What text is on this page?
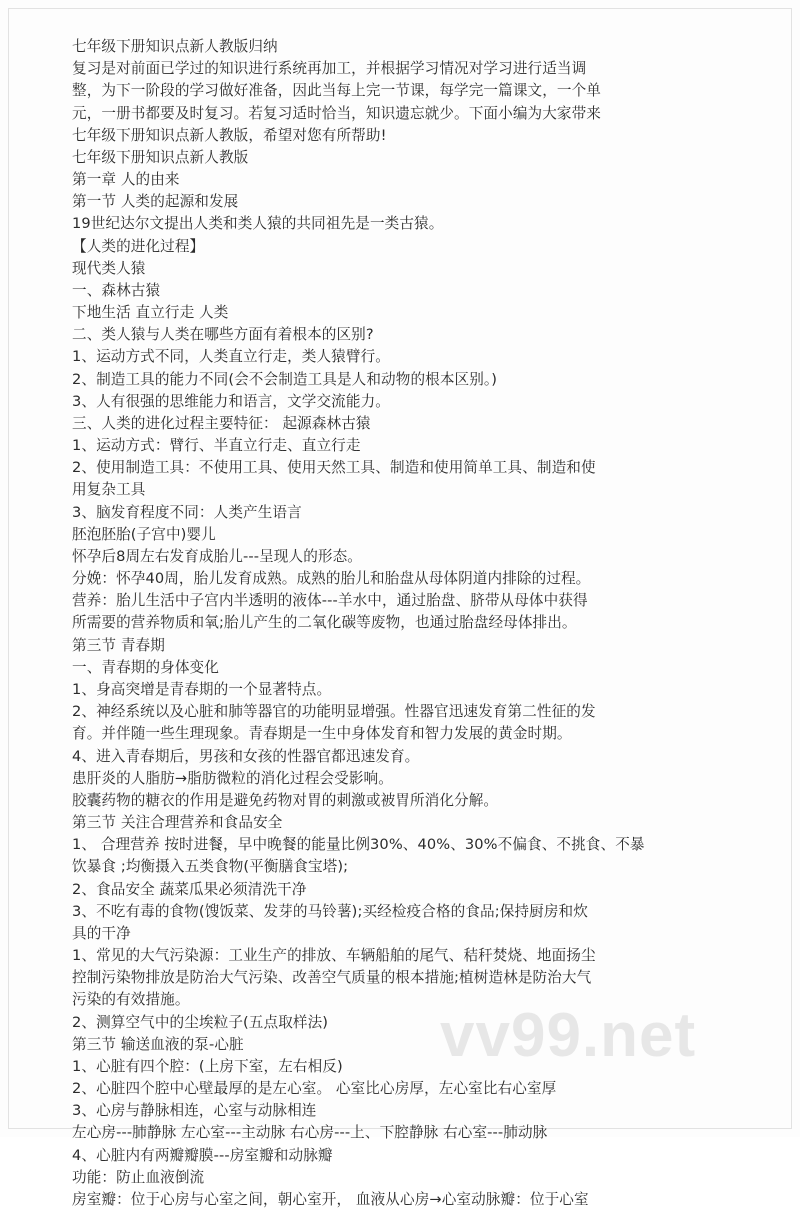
七年级下册知识点新人教版归纳

复习是对前面已学过的知识进行系统再加工，并根据学习情况对学习进行适当调

整，为下一阶段的学习做好准备，因此当每上完一节课，每学完一篇课文，一个单

元，一册书都要及时复习。若复习适时恰当，知识遗忘就少。下面小编为大家带来

七年级下册知识点新人教版，希望对您有所帮助!

七年级下册知识点新人教版

第一章 人的由来

第一节 人类的起源和发展

19世纪达尔文提出人类和类人猿的共同祖先是一类古猿。

【人类的进化过程】

现代类人猿

一、森林古猿

下地生活 直立行走 人类

二、类人猿与人类在哪些方面有着根本的区别?

1、运动方式不同，人类直立行走，类人猿臂行。

2、制造工具的能力不同(会不会制造工具是人和动物的根本区别。)

3、人有很强的思维能力和语言，文学交流能力。

三、人类的进化过程主要特征： 起源森林古猿

1、运动方式：臂行、半直立行走、直立行走

2、使用制造工具：不使用工具、使用天然工具、制造和使用简单工具、制造和使

用复杂工具

3、脑发育程度不同：人类产生语言

胚泡胚胎(子宫中)婴儿

怀孕后8周左右发育成胎儿---呈现人的形态。

分娩：怀孕40周，胎儿发育成熟。成熟的胎儿和胎盘从母体阴道内排除的过程。

营养：胎儿生活中子宫内半透明的液体---羊水中，通过胎盘、脐带从母体中获得

所需要的营养物质和氧;胎儿产生的二氧化碳等废物，也通过胎盘经母体排出。

第三节 青春期

一、青春期的身体变化

1、身高突增是青春期的一个显著特点。

2、神经系统以及心脏和肺等器官的功能明显增强。性器官迅速发育第二性征的发

育。并伴随一些生理现象。青春期是一生中身体发育和智力发展的黄金时期。

4、进入青春期后，男孩和女孩的性器官都迅速发育。

患肝炎的人脂肪→脂肪微粒的消化过程会受影响。

胶囊药物的糖衣的作用是避免药物对胃的刺激或被胃所消化分解。

第三节 关注合理营养和食品安全

1、 合理营养 按时进餐，早中晚餐的能量比例30%、40%、30%不偏食、不挑食、不暴

饮暴食 ;均衡摄入五类食物(平衡膳食宝塔);

2、食品安全 蔬菜瓜果必须清洗干净

3、不吃有毒的食物(馊饭菜、发芽的马铃薯);买经检疫合格的食品;保持厨房和炊

具的干净

1、常见的大气污染源：工业生产的排放、车辆船舶的尾气、秸秆焚烧、地面扬尘

控制污染物排放是防治大气污染、改善空气质量的根本措施;植树造林是防治大气

污染的有效措施。

2、测算空气中的尘埃粒子(五点取样法)

第三节 输送血液的泵-心脏

1、心脏有四个腔：(上房下室，左右相反)

2、心脏四个腔中心壁最厚的是左心室。 心室比心房厚，左心室比右心室厚

3、心房与静脉相连，心室与动脉相连

左心房---肺静脉 左心室---主动脉 右心房---上、下腔静脉 右心室---肺动脉

4、心脏内有两瓣瓣膜---房室瓣和动脉瓣

功能：防止血液倒流

房室瓣：位于心房与心室之间，朝心室开， 血液从心房→心室动脉瓣：位于心室

vv99.net
